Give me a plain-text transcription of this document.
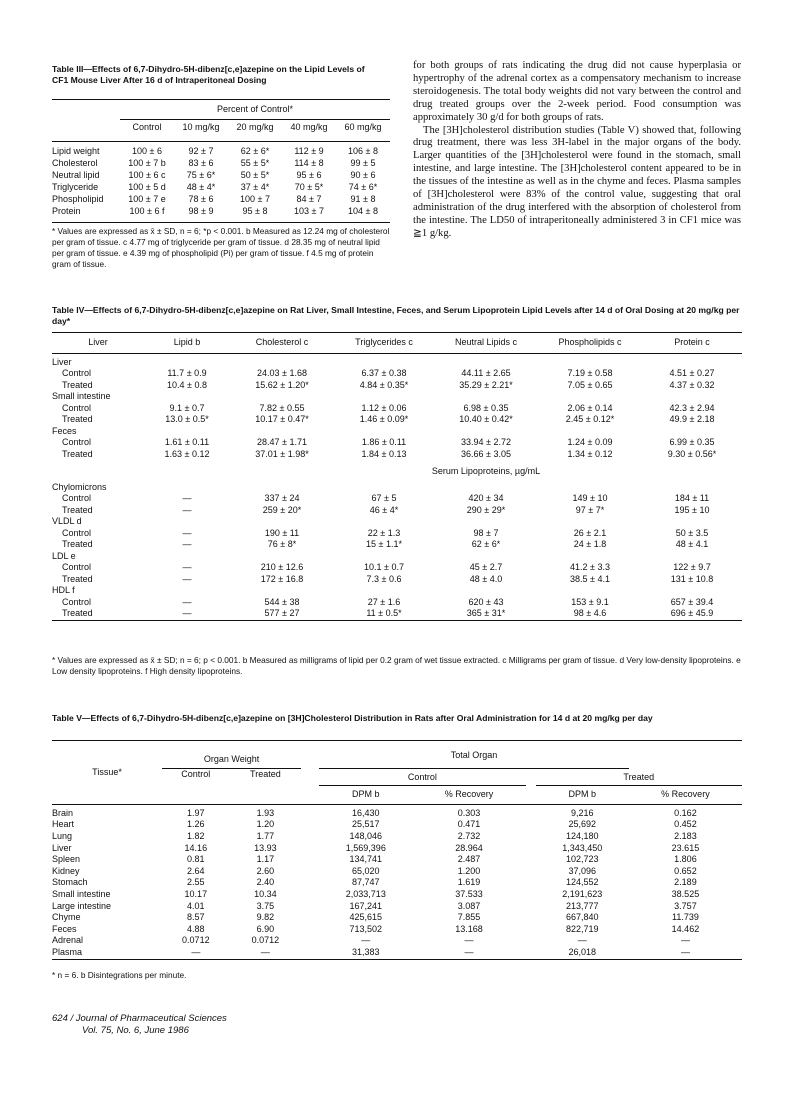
Table III—Effects of 6,7-Dihydro-5H-dibenz[c,e]azepine on the Lipid Levels of CF1 Mouse Liver After 16 d of Intraperitoneal Dosing
Percent of Control*
	Control	10 mg/kg	20 mg/kg	40 mg/kg	60 mg/kg
Lipid weight	100 ± 6	92 ± 7	62 ± 6*	112 ± 9	106 ± 8
Cholesterol	100 ± 7 b	83 ± 6	55 ± 5*	114 ± 8	99 ± 5
Neutral lipid	100 ± 6 c	75 ± 6*	50 ± 5*	95 ± 6	90 ± 6
Triglyceride	100 ± 5 d	48 ± 4*	37 ± 4*	70 ± 5*	74 ± 6*
Phospholipid	100 ± 7 e	78 ± 6	100 ± 7	84 ± 7	91 ± 8
Protein	100 ± 6 f	98 ± 9	95 ± 8	103 ± 7	104 ± 8
* Values are expressed as x̄ ± SD, n = 6; *p < 0.001. b Measured as 12.24 mg of cholesterol per gram of tissue. c 4.77 mg of triglyceride per gram of tissue. d 28.35 mg of neutral lipid per gram of tissue. e 4.39 mg of phospholipid (Pi) per gram of tissue. f 4.5 mg of protein gram of tissue.

for both groups of rats indicating the drug did not cause hyperplasia or hypertrophy of the adrenal cortex as a compensatory mechanism to increase steroidogenesis. The total body weights did not vary between the control and drug treated groups over the 2-week period. Food consumption was approximately 30 g/d for both groups of rats.

The [3H]cholesterol distribution studies (Table V) showed that, following drug treatment, there was less 3H-label in the major organs of the body. Larger quantities of the [3H]cholesterol were found in the stomach, small intestine, and large intestine. The [3H]cholesterol content appeared to be in the tissues of the intestine as well as in the chyme and feces. Plasma samples of [3H]cholesterol were 83% of the control value, suggesting that oral administration of the drug interfered with the absorption of cholesterol from the intestine. The LD50 of intraperitoneally administered 3 in CF1 mice was ≧1 g/kg.

Table IV—Effects of 6,7-Dihydro-5H-dibenz[c,e]azepine on Rat Liver, Small Intestine, Feces, and Serum Lipoprotein Lipid Levels after 14 d of Oral Dosing at 20 mg/kg per day*
Liver	Lipid b	Cholesterol c	Triglycerides c	Neutral Lipids c	Phospholipids c	Protein c

Liver						
Control	11.7 ± 0.9	24.03 ± 1.68	6.37 ± 0.38	44.11 ± 2.65	7.19 ± 0.58	4.51 ± 0.27
Treated	10.4 ± 0.8	15.62 ± 1.20*	4.84 ± 0.35*	35.29 ± 2.21*	7.05 ± 0.65	4.37 ± 0.32
Small intestine						
Control	9.1 ± 0.7	7.82 ± 0.55	1.12 ± 0.06	6.98 ± 0.35	2.06 ± 0.14	42.3 ± 2.94
Treated	13.0 ± 0.5*	10.17 ± 0.47*	1.46 ± 0.09*	10.40 ± 0.42*	2.45 ± 0.12*	49.9 ± 2.18
Feces						
Control	1.61 ± 0.11	28.47 ± 1.71	1.86 ± 0.11	33.94 ± 2.72	1.24 ± 0.09	6.99 ± 0.35
Treated	1.63 ± 0.12	37.01 ± 1.98*	1.84 ± 0.13	36.66 ± 3.05	1.34 ± 0.12	9.30 ± 0.56*
		Serum Lipoproteins, µg/mL				
Chylomicrons						
Control	—	337 ± 24	67 ± 5	420 ± 34	149 ± 10	184 ± 11
Treated	—	259 ± 20*	46 ± 4*	290 ± 29*	97 ± 7*	195 ± 10
VLDL d						
Control	—	190 ± 11	22 ± 1.3	98 ± 7	26 ± 2.1	50 ± 3.5
Treated	—	76 ± 8*	15 ± 1.1*	62 ± 6*	24 ± 1.8	48 ± 4.1
LDL e						
Control	—	210 ± 12.6	10.1 ± 0.7	45 ± 2.7	41.2 ± 3.3	122 ± 9.7
Treated	—	172 ± 16.8	7.3 ± 0.6	48 ± 4.0	38.5 ± 4.1	131 ± 10.8
HDL f						
Control	—	544 ± 38	27 ± 1.6	620 ± 43	153 ± 9.1	657 ± 39.4
Treated	—	577 ± 27	11 ± 0.5*	365 ± 31*	98 ± 4.6	696 ± 45.9

* Values are expressed as x̄ ± SD; n = 6; p < 0.001. b Measured as milligrams of lipid per 0.2 gram of wet tissue extracted. c Milligrams per gram of tissue. d Very low-density lipoproteins. e Low density lipoproteins. f High density lipoproteins.
Table V—Effects of 6,7-Dihydro-5H-dibenz[c,e]azepine on [3H]Cholesterol Distribution in Rats after Oral Administration for 14 d at 20 mg/kg per day
Tissue*	Organ Weight			Total Organ				
	Control	Treated		Control			Treated	
				DPM b	% Recovery		DPM b	% Recovery

Brain	1.97	1.93		16,430	0.303		9,216	0.162
Heart	1.26	1.20		25,517	0.471		25,692	0.452
Lung	1.82	1.77		148,046	2.732		124,180	2.183
Liver	14.16	13.93		1,569,396	28.964		1,343,450	23.615
Spleen	0.81	1.17		134,741	2.487		102,723	1.806
Kidney	2.64	2.60		65,020	1.200		37,096	0.652
Stomach	2.55	2.40		87,747	1.619		124,552	2.189
Small intestine	10.17	10.34		2,033,713	37.533		2,191,623	38.525
Large intestine	4.01	3.75		167,241	3.087		213,777	3.757
Chyme	8.57	9.82		425,615	7.855		667,840	11.739
Feces	4.88	6.90		713,502	13.168		822,719	14.462
Adrenal	0.0712	0.0712		—	—		—	—
Plasma	—	—		31,383	—		26,018	—

* n = 6. b Disintegrations per minute.
624 / Journal of Pharmaceutical Sciences
Vol. 75, No. 6, June 1986
